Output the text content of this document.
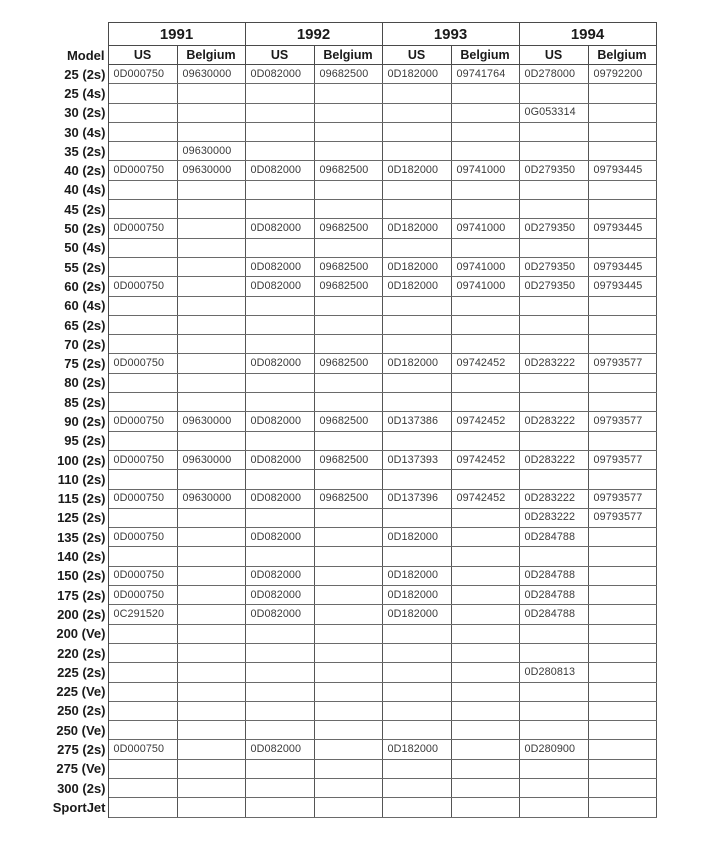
	1991		1992		1993		1994	
Model	US	Belgium	US	Belgium	US	Belgium	US	Belgium
25 (2s)	0D000750	09630000	0D082000	09682500	0D182000	09741764	0D278000	09792200
25 (4s)								
30 (2s)							0G053314	
30 (4s)								
35 (2s)		09630000						
40 (2s)	0D000750	09630000	0D082000	09682500	0D182000	09741000	0D279350	09793445
40 (4s)								
45 (2s)								
50 (2s)	0D000750		0D082000	09682500	0D182000	09741000	0D279350	09793445
50 (4s)								
55 (2s)			0D082000	09682500	0D182000	09741000	0D279350	09793445
60 (2s)	0D000750		0D082000	09682500	0D182000	09741000	0D279350	09793445
60 (4s)								
65 (2s)								
70 (2s)								
75 (2s)	0D000750		0D082000	09682500	0D182000	09742452	0D283222	09793577
80 (2s)								
85 (2s)								
90 (2s)	0D000750	09630000	0D082000	09682500	0D137386	09742452	0D283222	09793577
95 (2s)								
100 (2s)	0D000750	09630000	0D082000	09682500	0D137393	09742452	0D283222	09793577
110 (2s)								
115 (2s)	0D000750	09630000	0D082000	09682500	0D137396	09742452	0D283222	09793577
125 (2s)							0D283222	09793577
135 (2s)	0D000750		0D082000		0D182000		0D284788	
140 (2s)								
150 (2s)	0D000750		0D082000		0D182000		0D284788	
175 (2s)	0D000750		0D082000		0D182000		0D284788	
200 (2s)	0C291520		0D082000		0D182000		0D284788	
200 (Ve)								
220 (2s)								
225 (2s)							0D280813	
225 (Ve)								
250 (2s)								
250 (Ve)								
275 (2s)	0D000750		0D082000		0D182000		0D280900	
275 (Ve)								
300 (2s)								
SportJet								
